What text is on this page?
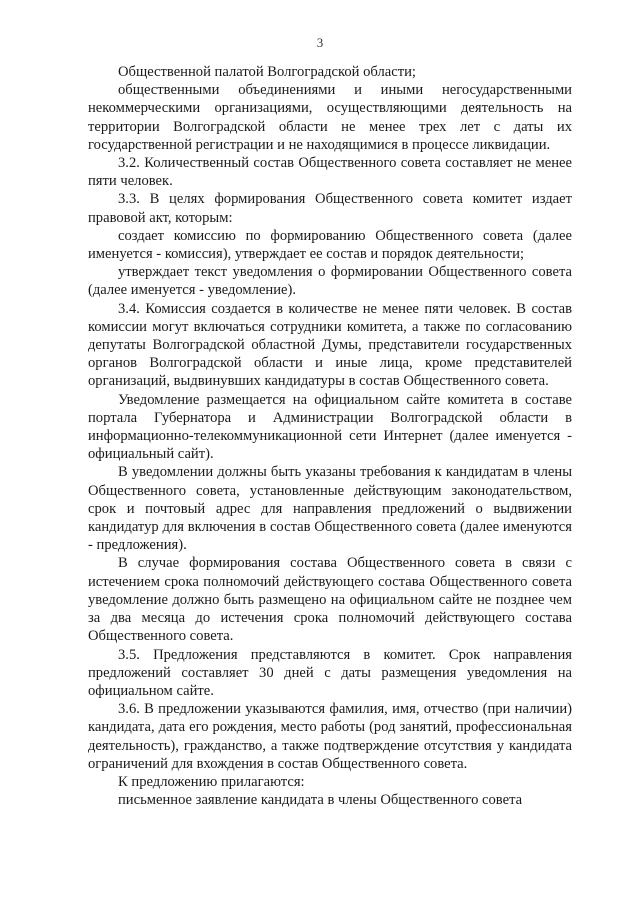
3

Общественной палатой Волгоградской области;

общественными объединениями и иными негосударственными некоммерческими организациями, осуществляющими деятельность на территории Волгоградской области не менее трех лет с даты их государственной регистрации и не находящимися в процессе ликвидации.

3.2. Количественный состав Общественного совета составляет не менее пяти человек.

3.3. В целях формирования Общественного совета комитет издает правовой акт, которым:

создает комиссию по формированию Общественного совета (далее именуется - комиссия), утверждает ее состав и порядок деятельности;

утверждает текст уведомления о формировании Общественного совета (далее именуется - уведомление).

3.4. Комиссия создается в количестве не менее пяти человек. В состав комиссии могут включаться сотрудники комитета, а также по согласованию депутаты Волгоградской областной Думы, представители государственных органов Волгоградской области и иные лица, кроме представителей организаций, выдвинувших кандидатуры в состав Общественного совета.

Уведомление размещается на официальном сайте комитета в составе портала Губернатора и Администрации Волгоградской области в информационно-телекоммуникационной сети Интернет (далее именуется - официальный сайт).

В уведомлении должны быть указаны требования к кандидатам в члены Общественного совета, установленные действующим законодательством, срок и почтовый адрес для направления предложений о выдвижении кандидатур для включения в состав Общественного совета (далее именуются - предложения).

В случае формирования состава Общественного совета в связи с истечением срока полномочий действующего состава Общественного совета уведомление должно быть размещено на официальном сайте не позднее чем за два месяца до истечения срока полномочий действующего состава Общественного совета.

3.5. Предложения представляются в комитет. Срок направления предложений составляет 30 дней с даты размещения уведомления на официальном сайте.

3.6. В предложении указываются фамилия, имя, отчество (при наличии) кандидата, дата его рождения, место работы (род занятий, профессиональная деятельность), гражданство, а также подтверждение отсутствия у кандидата ограничений для вхождения в состав Общественного совета.

К предложению прилагаются:

письменное заявление кандидата в члены Общественного совета
